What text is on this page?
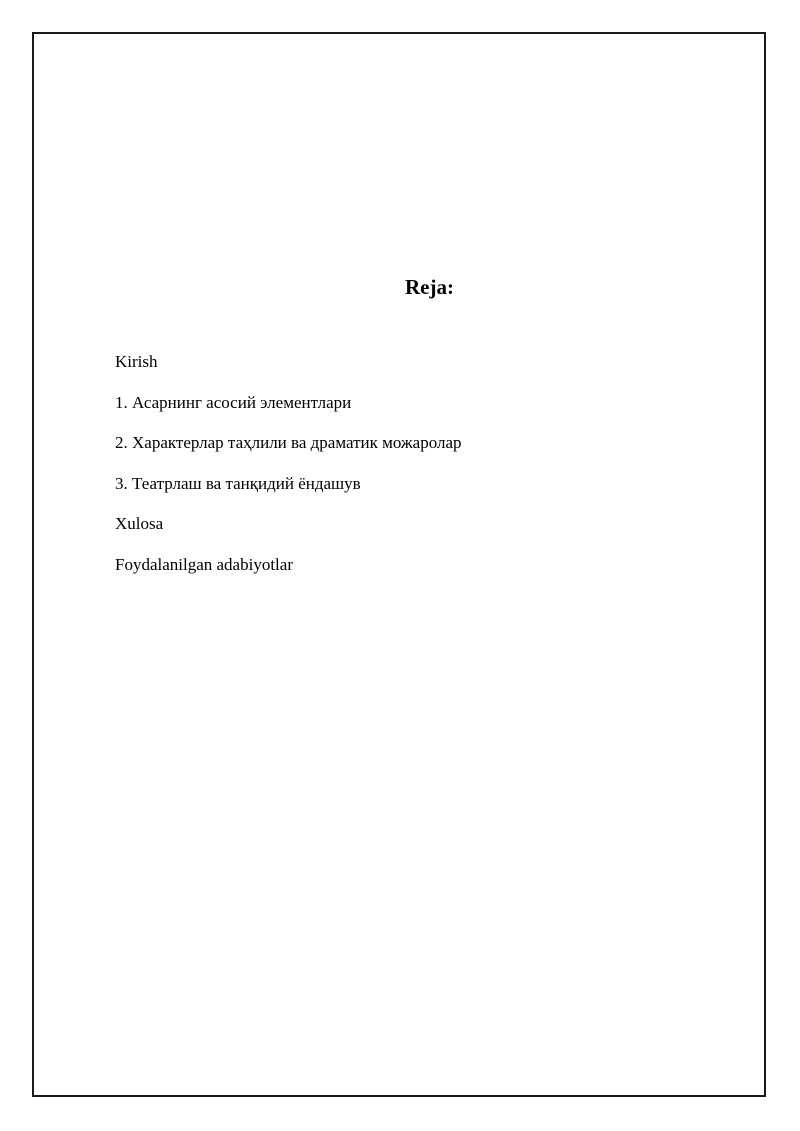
Reja:
Kirish
1. Асарнинг асосий элементлари
2. Характерлар таҳлили ва драматик можаролар
3. Театрлаш ва танқидий ёндашув
Xulosa
Foydalanilgan adabiyotlar
